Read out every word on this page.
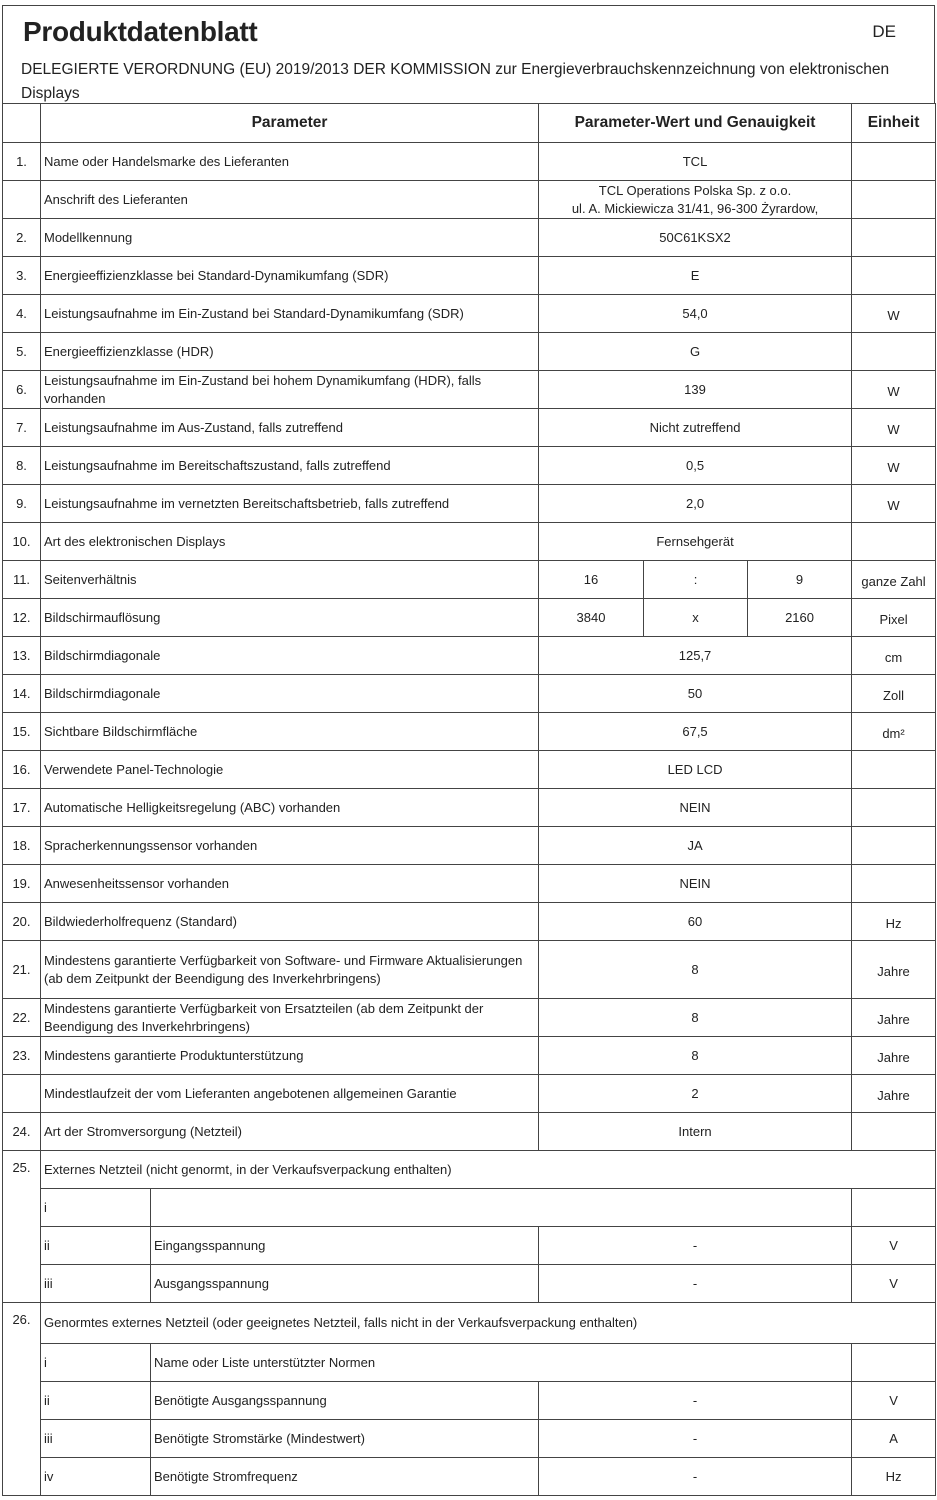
Produktdatenblatt	DE
DELEGIERTE VERORDNUNG (EU) 2019/2013 DER KOMMISSION zur Energieverbrauchskennzeichnung von elektronischen Displays
	Parameter		Parameter-Wert und Genauigkeit			Einheit
1.	Name oder Handelsmarke des Lieferanten		TCL			
	Anschrift des Lieferanten		TCL Operations Polska Sp. z o.o.
ul. A. Mickiewicza 31/41, 96-300 Żyrardow,			
2.	Modellkennung		50C61KSX2			
3.	Energieeffizienzklasse bei Standard-Dynamikumfang (SDR)		E			
4.	Leistungsaufnahme im Ein-Zustand bei Standard-Dynamikumfang (SDR)		54,0			W
5.	Energieeffizienzklasse (HDR)		G			
6.	Leistungsaufnahme im Ein-Zustand bei hohem Dynamikumfang (HDR), falls vorhanden		139			W
7.	Leistungsaufnahme im Aus-Zustand, falls zutreffend		Nicht zutreffend			W
8.	Leistungsaufnahme im Bereitschaftszustand, falls zutreffend		0,5			W
9.	Leistungsaufnahme im vernetzten Bereitschaftsbetrieb, falls zutreffend		2,0			W
10.	Art des elektronischen Displays		Fernsehgerät			
11.	Seitenverhältnis		16	:	9	ganze Zahl
12.	Bildschirmauflösung		3840	x	2160	Pixel
13.	Bildschirmdiagonale		125,7			cm
14.	Bildschirmdiagonale		50			Zoll
15.	Sichtbare Bildschirmfläche		67,5			dm²
16.	Verwendete Panel-Technologie		LED LCD			
17.	Automatische Helligkeitsregelung (ABC) vorhanden		NEIN			
18.	Spracherkennungssensor vorhanden		JA			
19.	Anwesenheitssensor vorhanden		NEIN			
20.	Bildwiederholfrequenz (Standard)		60			Hz
21.	Mindestens garantierte Verfügbarkeit von Software- und Firmware Aktualisierungen (ab dem Zeitpunkt der Beendigung des Inverkehrbringens)		8			Jahre
22.	Mindestens garantierte Verfügbarkeit von Ersatzteilen (ab dem Zeitpunkt der Beendigung des Inverkehrbringens)		8			Jahre
23.	Mindestens garantierte Produktunterstützung		8			Jahre
	Mindestlaufzeit der vom Lieferanten angebotenen allgemeinen Garantie		2			Jahre
24.	Art der Stromversorgung (Netzteil)		Intern			
25.	Externes Netzteil (nicht genormt, in der Verkaufsverpackung enthalten)					
	i					
	ii	Eingangsspannung	-			V
	iii	Ausgangsspannung	-			V
26.	Genormtes externes Netzteil (oder geeignetes Netzteil, falls nicht in der Verkaufsverpackung enthalten)					
	i	Name oder Liste unterstützter Normen				
	ii	Benötigte Ausgangsspannung	-			V
	iii	Benötigte Stromstärke (Mindestwert)	-			A
	iv	Benötigte Stromfrequenz	-			Hz
